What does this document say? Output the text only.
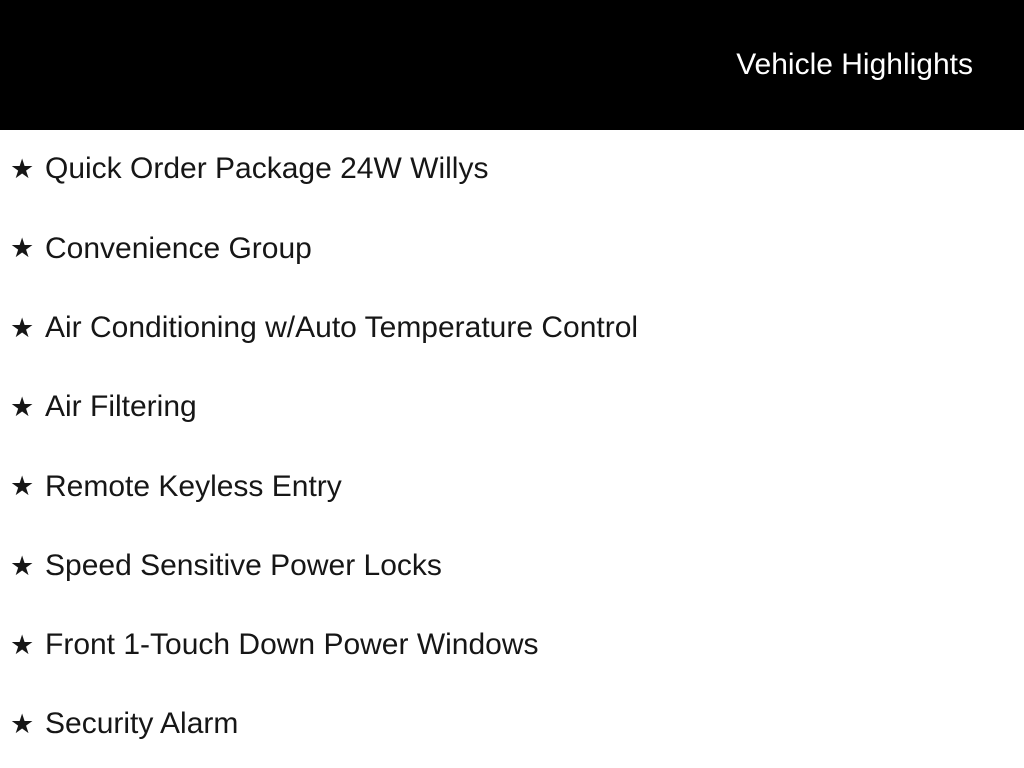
Vehicle Highlights
★ Quick Order Package 24W Willys
★ Convenience Group
★ Air Conditioning w/Auto Temperature Control
★ Air Filtering
★ Remote Keyless Entry
★ Speed Sensitive Power Locks
★ Front 1-Touch Down Power Windows
★ Security Alarm
